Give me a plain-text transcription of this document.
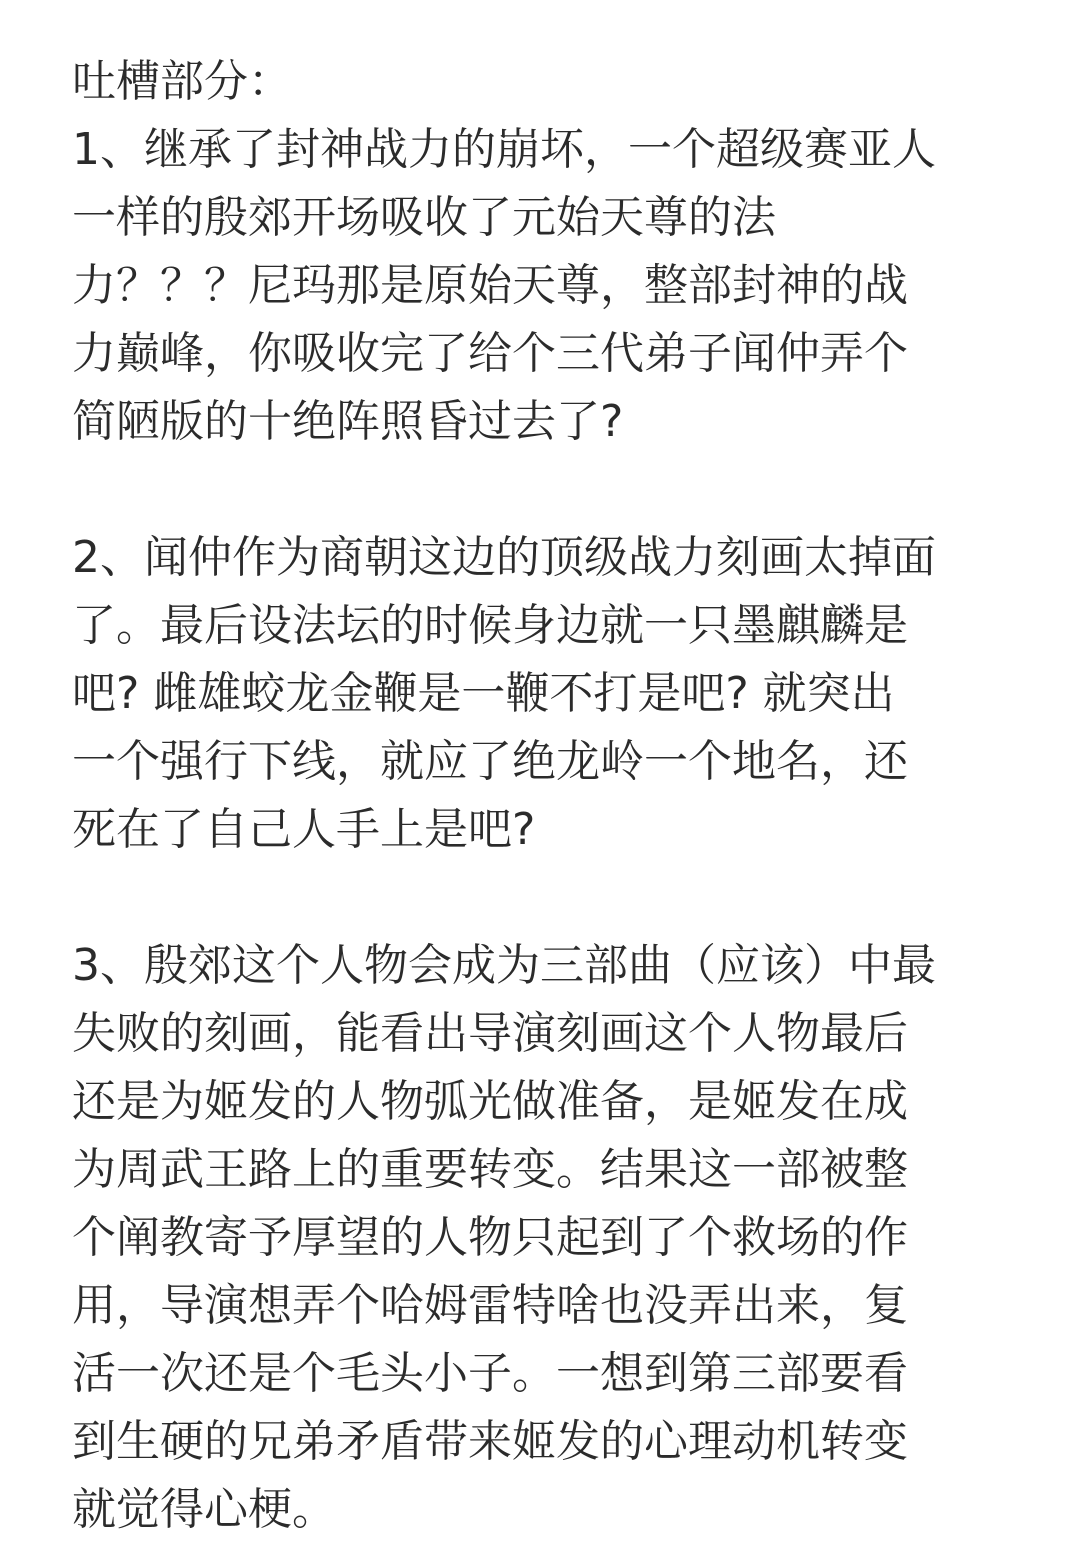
吐槽部分：
1、继承了封神战力的崩坏，一个超级赛亚人
一样的殷郊开场吸收了元始天尊的法
力？？？尼玛那是原始天尊，整部封神的战
力巅峰，你吸收完了给个三代弟子闻仲弄个
简陋版的十绝阵照昏过去了?
2、闻仲作为商朝这边的顶级战力刻画太掉面
了。最后设法坛的时候身边就一只墨麒麟是
吧? 雌雄蛟龙金鞭是一鞭不打是吧? 就突出
一个强行下线，就应了绝龙岭一个地名，还
死在了自己人手上是吧?
3、殷郊这个人物会成为三部曲（应该）中最
失败的刻画，能看出导演刻画这个人物最后
还是为姬发的人物弧光做准备，是姬发在成
为周武王路上的重要转变。结果这一部被整
个阐教寄予厚望的人物只起到了个救场的作
用，导演想弄个哈姆雷特啥也没弄出来，复
活一次还是个毛头小子。一想到第三部要看
到生硬的兄弟矛盾带来姬发的心理动机转变
就觉得心梗。
